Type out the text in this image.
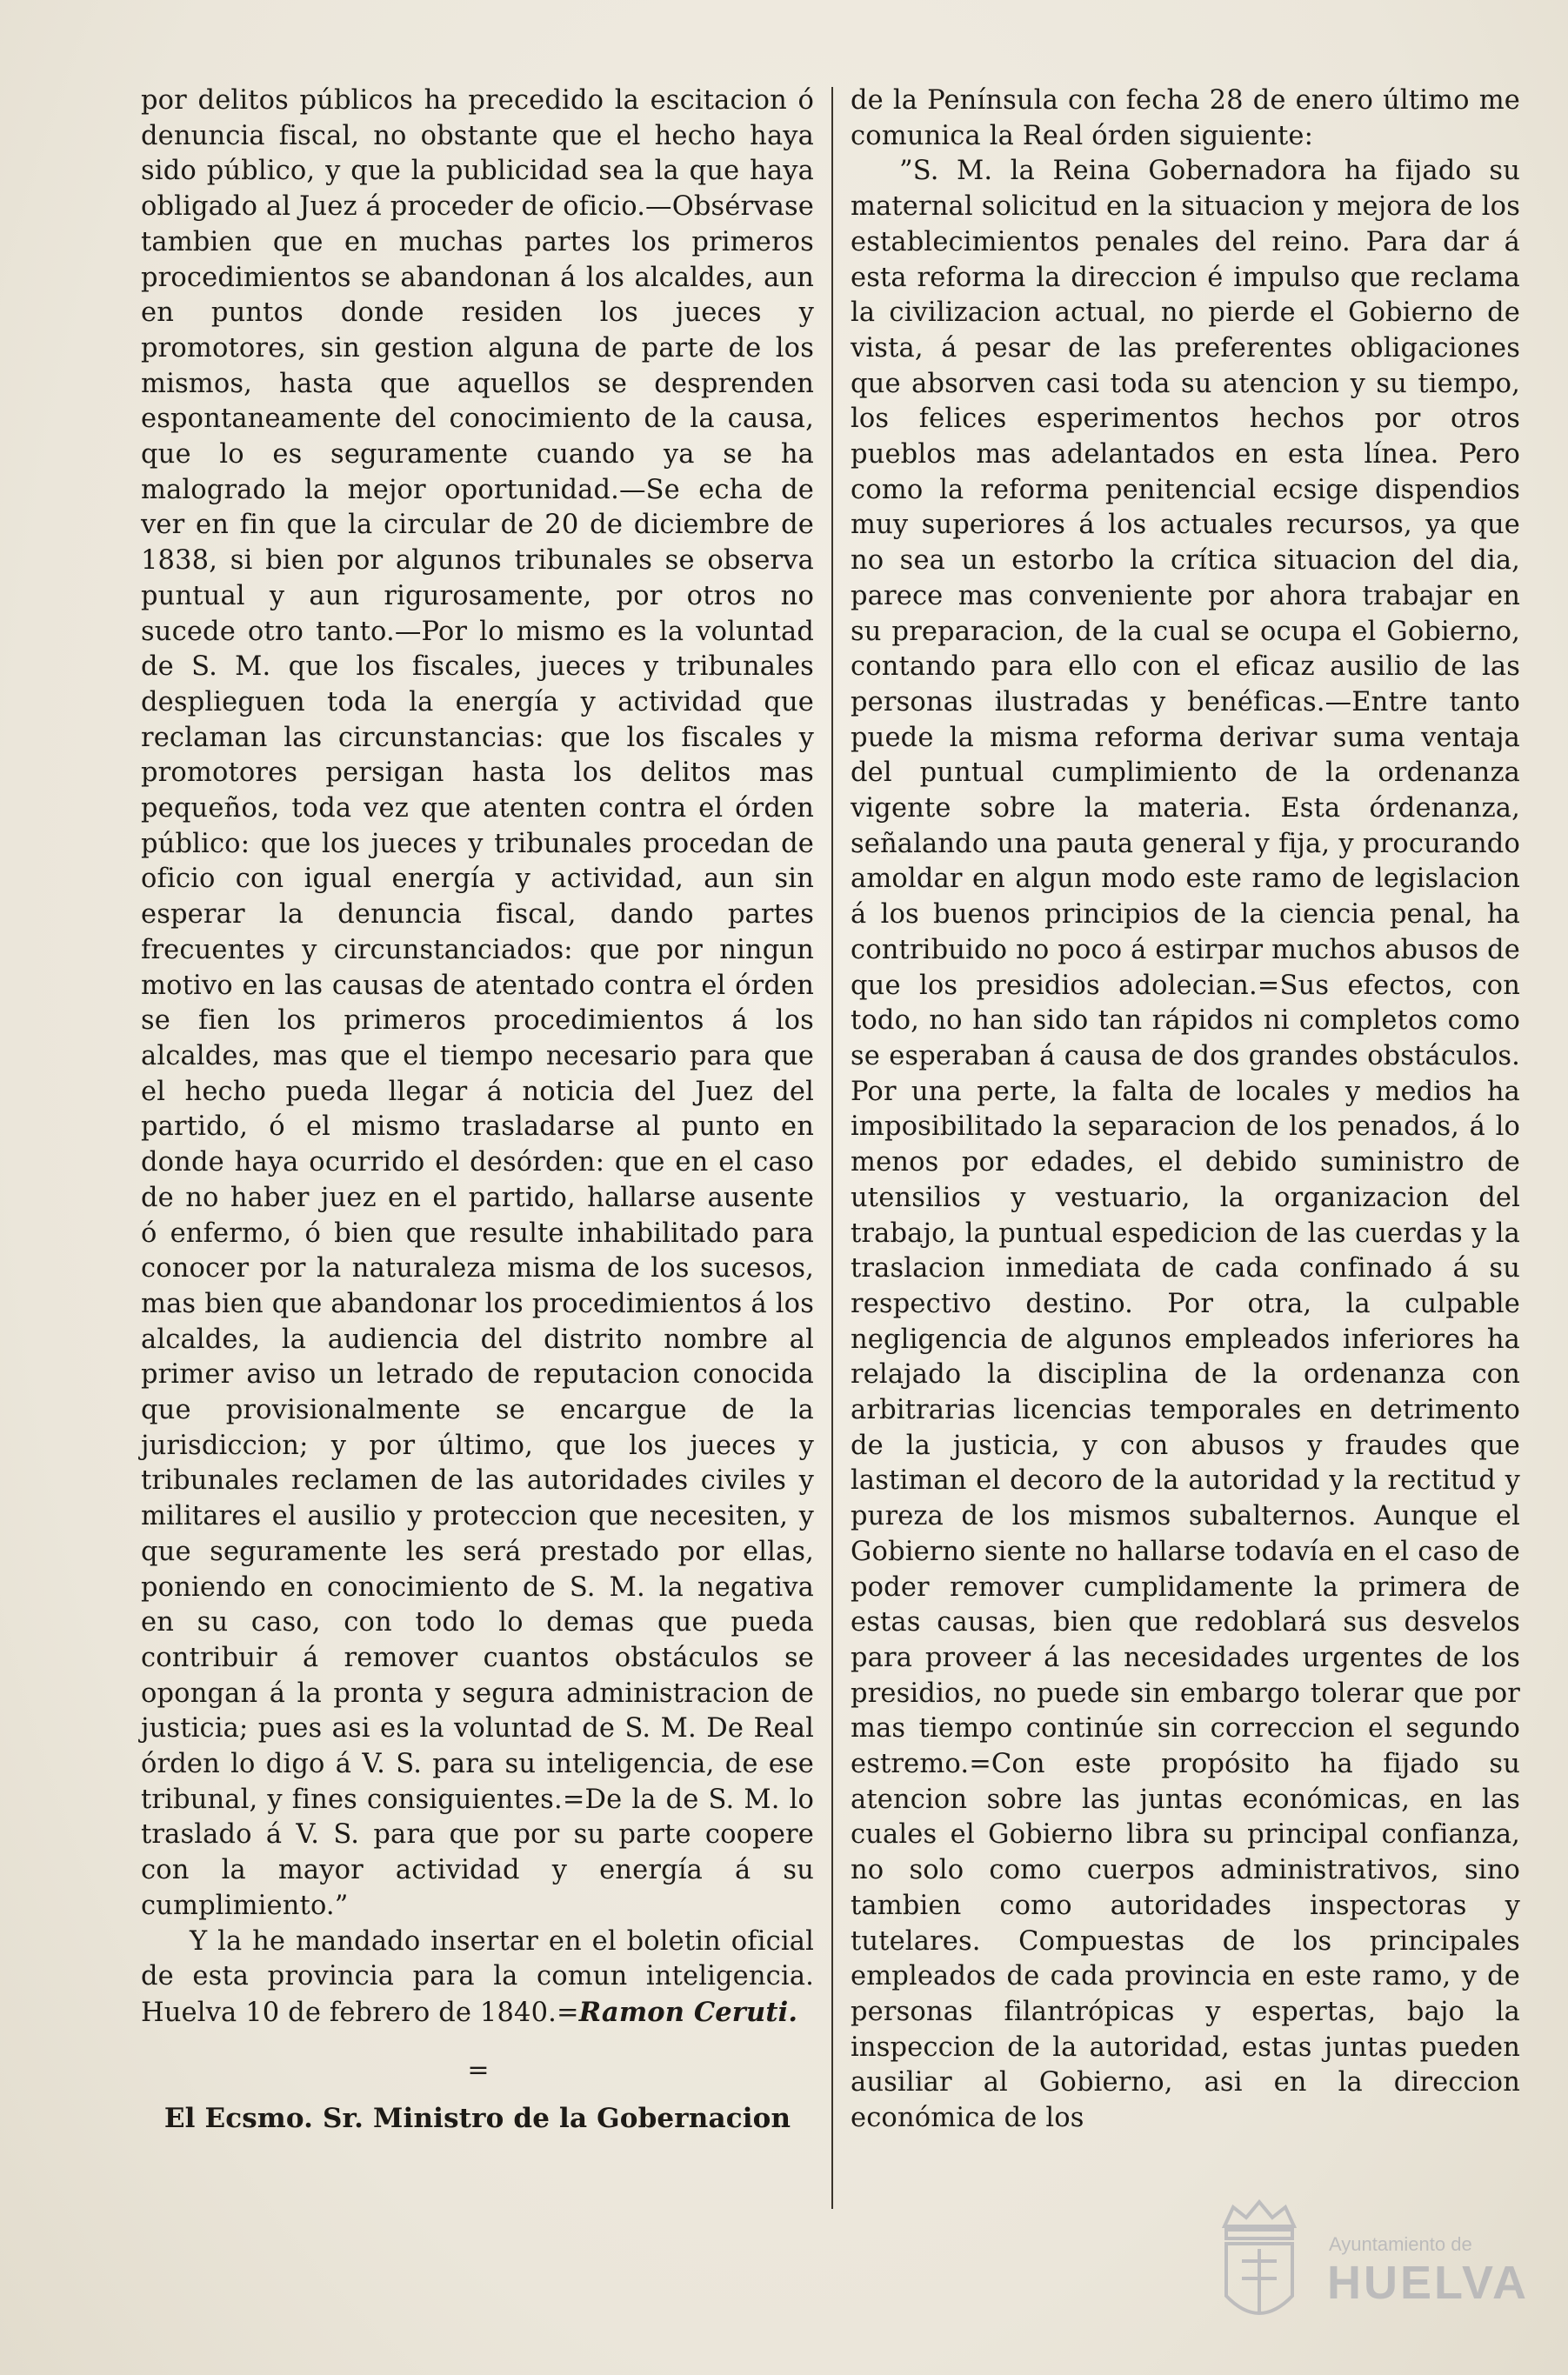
por delitos públicos ha precedido la escitacion ó denuncia fiscal, no obstante que el hecho haya sido público, y que la publicidad sea la que haya obligado al Juez á proceder de oficio.—Obsérvase tambien que en muchas partes los primeros procedimientos se abandonan á los alcaldes, aun en puntos donde residen los jueces y promotores, sin gestion alguna de parte de los mismos, hasta que aquellos se desprenden espontaneamente del conocimiento de la causa, que lo es seguramente cuando ya se ha malogrado la mejor oportunidad.—Se echa de ver en fin que la circular de 20 de diciembre de 1838, si bien por algunos tribunales se observa puntual y aun rigurosamente, por otros no sucede otro tanto.—Por lo mismo es la voluntad de S. M. que los fiscales, jueces y tribunales desplieguen toda la energía y actividad que reclaman las circunstancias: que los fiscales y promotores persigan hasta los delitos mas pequeños, toda vez que atenten contra el órden público: que los jueces y tribunales procedan de oficio con igual energía y actividad, aun sin esperar la denuncia fiscal, dando partes frecuentes y circunstanciados: que por ningun motivo en las causas de atentado contra el órden se fien los primeros procedimientos á los alcaldes, mas que el tiempo necesario para que el hecho pueda llegar á noticia del Juez del partido, ó el mismo trasladarse al punto en donde haya ocurrido el desórden: que en el caso de no haber juez en el partido, hallarse ausente ó enfermo, ó bien que resulte inhabilitado para conocer por la naturaleza misma de los sucesos, mas bien que abandonar los procedimientos á los alcaldes, la audiencia del distrito nombre al primer aviso un letrado de reputacion conocida que provisionalmente se encargue de la jurisdiccion; y por último, que los jueces y tribunales reclamen de las autoridades civiles y militares el ausilio y proteccion que necesiten, y que seguramente les será prestado por ellas, poniendo en conocimiento de S. M. la negativa en su caso, con todo lo demas que pueda contribuir á remover cuantos obstáculos se opongan á la pronta y segura administracion de justicia; pues asi es la voluntad de S. M. De Real órden lo digo á V. S. para su inteligencia, de ese tribunal, y fines consiguientes.=De la de S. M. lo traslado á V. S. para que por su parte coopere con la mayor actividad y energía á su cumplimiento.”

Y la he mandado insertar en el boletin oficial de esta provincia para la comun inteligencia. Huelva 10 de febrero de 1840.=Ramon Ceruti.

=
El Ecsmo. Sr. Ministro de la Gobernacion

de la Península con fecha 28 de enero último me comunica la Real órden siguiente:

”S. M. la Reina Gobernadora ha fijado su maternal solicitud en la situacion y mejora de los establecimientos penales del reino. Para dar á esta reforma la direccion é impulso que reclama la civilizacion actual, no pierde el Gobierno de vista, á pesar de las preferentes obligaciones que absorven casi toda su atencion y su tiempo, los felices esperimentos hechos por otros pueblos mas adelantados en esta línea. Pero como la reforma penitencial ecsige dispendios muy superiores á los actuales recursos, ya que no sea un estorbo la crítica situacion del dia, parece mas conveniente por ahora trabajar en su preparacion, de la cual se ocupa el Gobierno, contando para ello con el eficaz ausilio de las personas ilustradas y benéficas.—Entre tanto puede la misma reforma derivar suma ventaja del puntual cumplimiento de la ordenanza vigente sobre la materia. Esta órdenanza, señalando una pauta general y fija, y procurando amoldar en algun modo este ramo de legislacion á los buenos principios de la ciencia penal, ha contribuido no poco á estirpar muchos abusos de que los presidios adolecian.=Sus efectos, con todo, no han sido tan rápidos ni completos como se esperaban á causa de dos grandes obstáculos. Por una perte, la falta de locales y medios ha imposibilitado la separacion de los penados, á lo menos por edades, el debido suministro de utensilios y vestuario, la organizacion del trabajo, la puntual espedicion de las cuerdas y la traslacion inmediata de cada confinado á su respectivo destino. Por otra, la culpable negligencia de algunos empleados inferiores ha relajado la disciplina de la ordenanza con arbitrarias licencias temporales en detrimento de la justicia, y con abusos y fraudes que lastiman el decoro de la autoridad y la rectitud y pureza de los mismos subalternos. Aunque el Gobierno siente no hallarse todavía en el caso de poder remover cumplidamente la primera de estas causas, bien que redoblará sus desvelos para proveer á las necesidades urgentes de los presidios, no puede sin embargo tolerar que por mas tiempo continúe sin correccion el segundo estremo.=Con este propósito ha fijado su atencion sobre las juntas económicas, en las cuales el Gobierno libra su principal confianza, no solo como cuerpos administrativos, sino tambien como autoridades inspectoras y tutelares. Compuestas de los principales empleados de cada provincia en este ramo, y de personas filantrópicas y espertas, bajo la inspeccion de la autoridad, estas juntas pueden ausiliar al Gobierno, asi en la direccion económica de los

Ayuntamiento de
HUELVA
